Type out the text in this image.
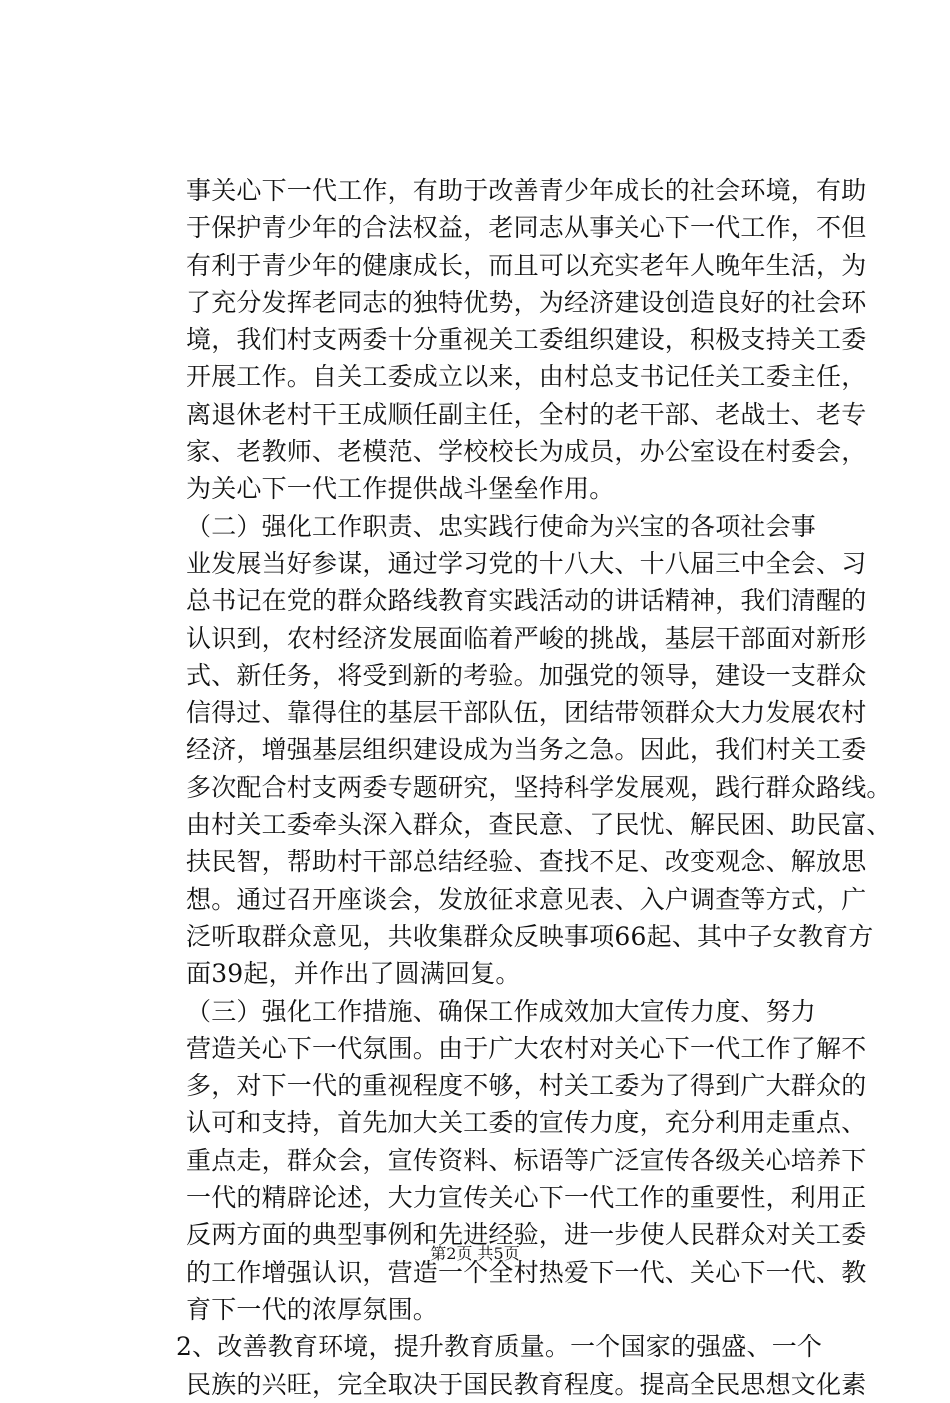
事关心下一代工作，有助于改善青少年成长的社会环境，有助
于保护青少年的合法权益，老同志从事关心下一代工作，不但
有利于青少年的健康成长，而且可以充实老年人晚年生活，为
了充分发挥老同志的独特优势，为经济建设创造良好的社会环
境，我们村支两委十分重视关工委组织建设，积极支持关工委
开展工作。自关工委成立以来，由村总支书记任关工委主任，
离退休老村干王成顺任副主任，全村的老干部、老战士、老专
家、老教师、老模范、学校校长为成员，办公室设在村委会，
为关心下一代工作提供战斗堡垒作用。
（二）强化工作职责、忠实践行使命为兴宝的各项社会事
业发展当好参谋，通过学习党的十八大、十八届三中全会、习
总书记在党的群众路线教育实践活动的讲话精神，我们清醒的
认识到，农村经济发展面临着严峻的挑战，基层干部面对新形
式、新任务，将受到新的考验。加强党的领导，建设一支群众
信得过、靠得住的基层干部队伍，团结带领群众大力发展农村
经济，增强基层组织建设成为当务之急。因此，我们村关工委
多次配合村支两委专题研究，坚持科学发展观，践行群众路线。
由村关工委牵头深入群众，查民意、了民忧、解民困、助民富、
扶民智，帮助村干部总结经验、查找不足、改变观念、解放思
想。通过召开座谈会，发放征求意见表、入户调查等方式，广
泛听取群众意见，共收集群众反映事项66起、其中子女教育方
面39起，并作出了圆满回复。
（三）强化工作措施、确保工作成效加大宣传力度、努力
营造关心下一代氛围。由于广大农村对关心下一代工作了解不
多，对下一代的重视程度不够，村关工委为了得到广大群众的
认可和支持，首先加大关工委的宣传力度，充分利用走重点、
重点走，群众会，宣传资料、标语等广泛宣传各级关心培养下
一代的精辟论述，大力宣传关心下一代工作的重要性，利用正
反两方面的典型事例和先进经验，进一步使人民群众对关工委
的工作增强认识，营造一个全村热爱下一代、关心下一代、教
育下一代的浓厚氛围。
2、改善教育环境，提升教育质量。一个国家的强盛、一个
民族的兴旺，完全取决于国民教育程度。提高全民思想文化素
第2页 共5页
